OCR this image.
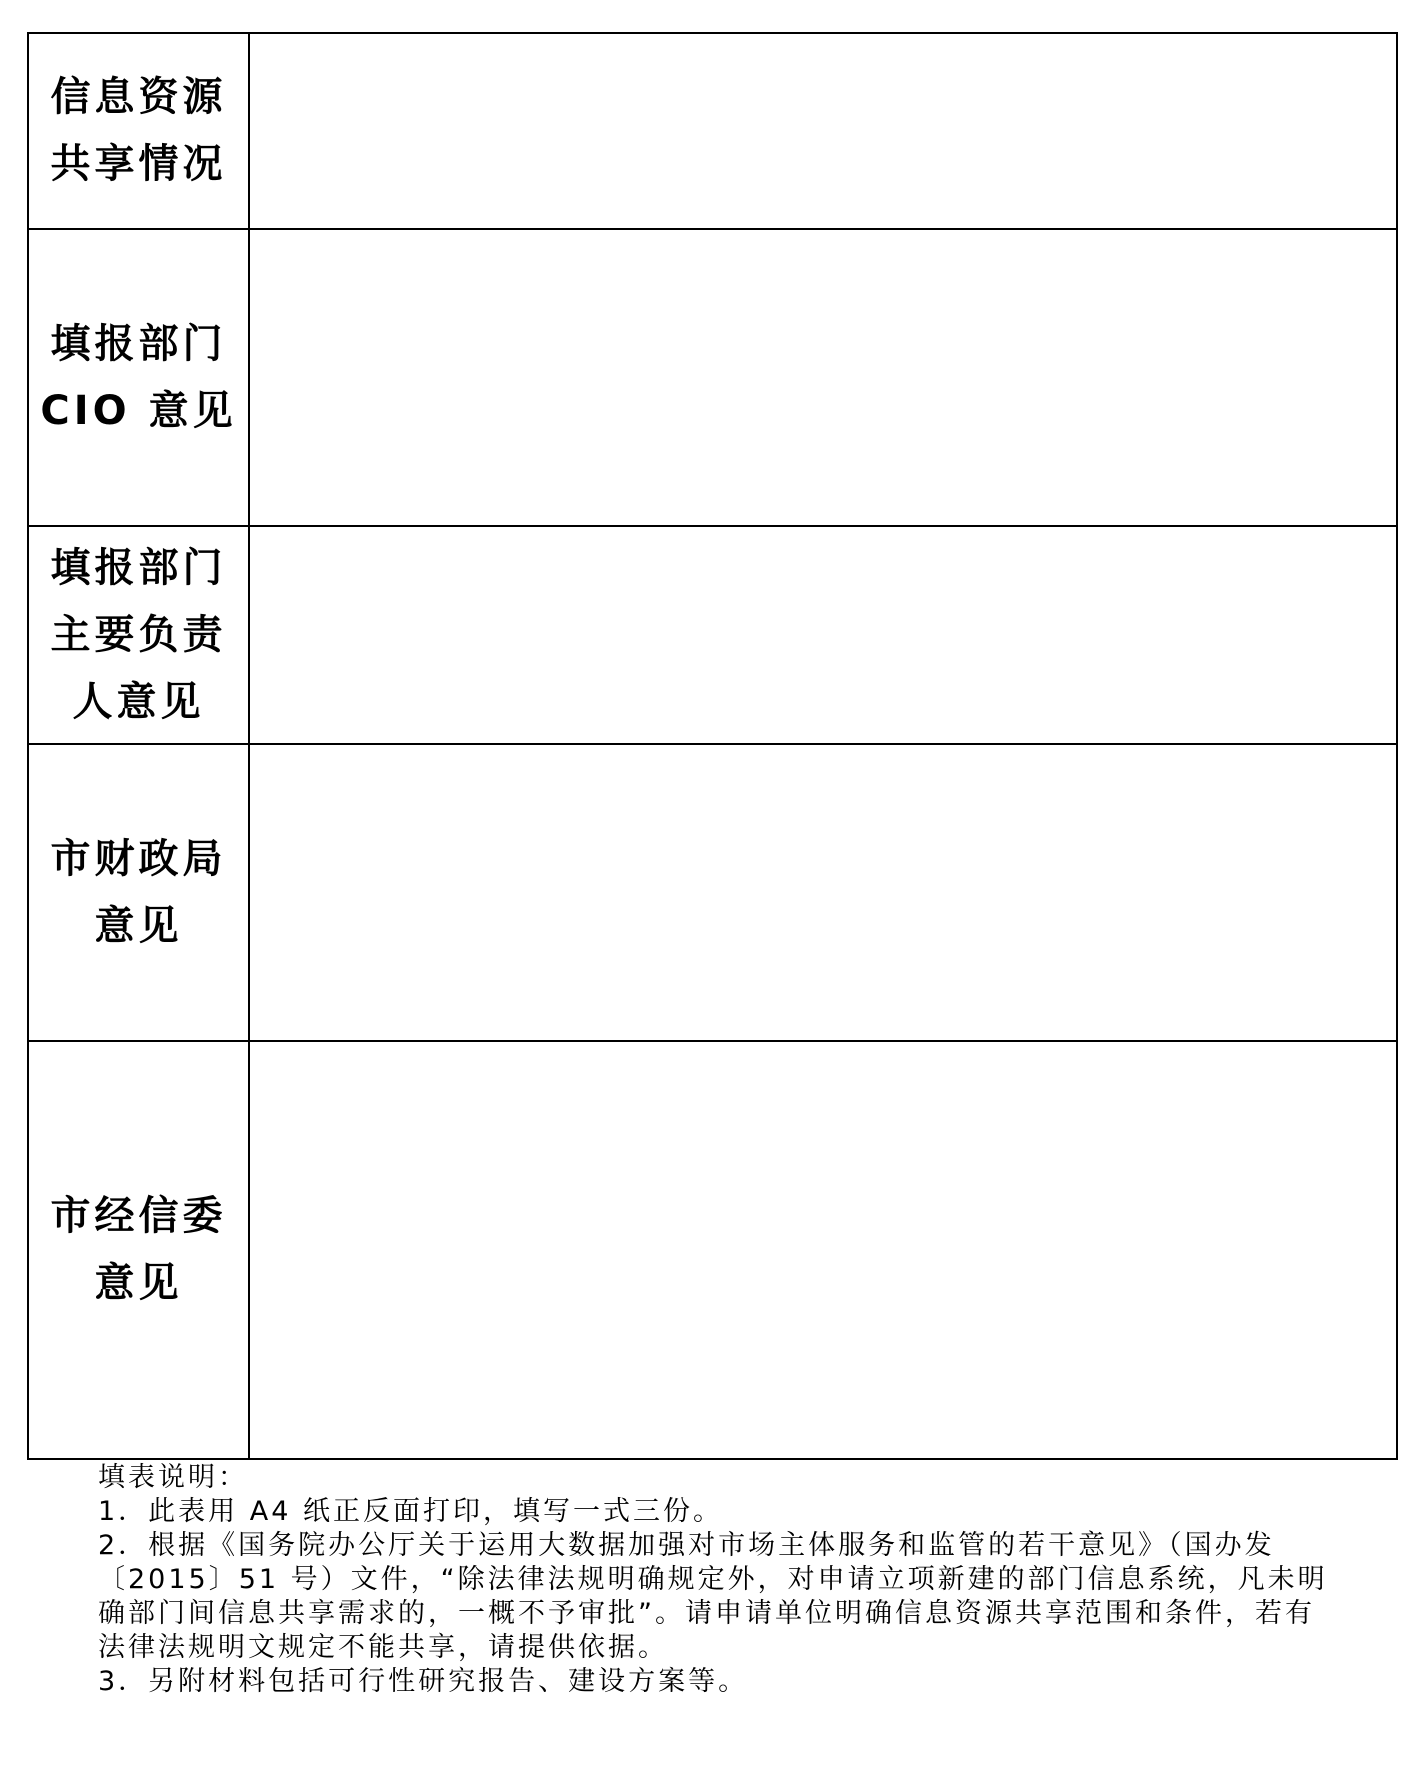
信息资源
共享情况	

填报部门
CIO 意见	

填报部门
主要负责
人意见	

市财政局
意见	

市经信委
意见	

填表说明：

1．此表用 A4 纸正反面打印，填写一式三份。

2．根据《国务院办公厅关于运用大数据加强对市场主体服务和监管的若干意见》（国办发〔2015〕51 号）文件，“除法律法规明确规定外，对申请立项新建的部门信息系统，凡未明确部门间信息共享需求的，一概不予审批”。请申请单位明确信息资源共享范围和条件，若有法律法规明文规定不能共享，请提供依据。

3．另附材料包括可行性研究报告、建设方案等。
